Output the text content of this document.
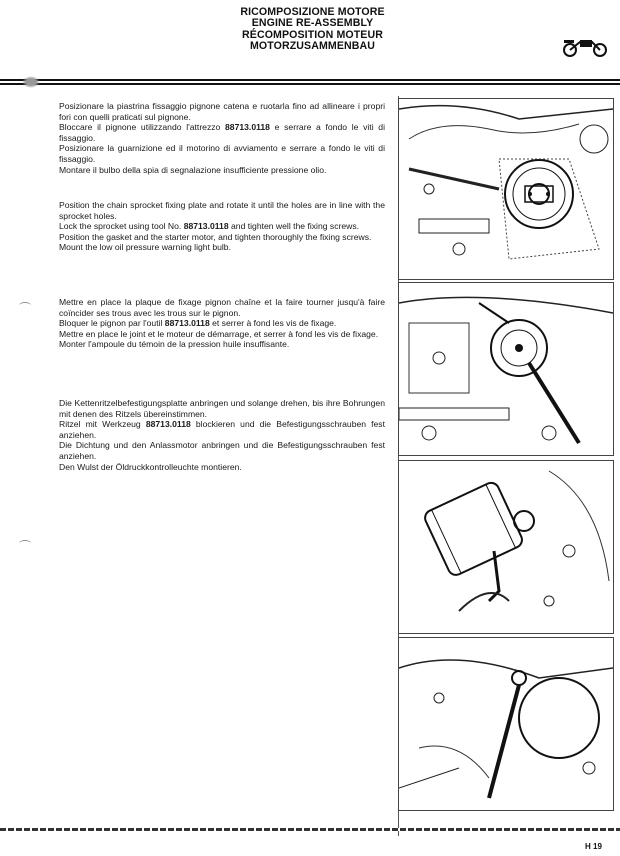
RICOMPOSIZIONE MOTORE
ENGINE RE-ASSEMBLY
RÉCOMPOSITION MOTEUR
MOTORZUSAMMENBAU

Posizionare la piastrina fissaggio pignone catena e ruotarla fino ad allineare i propri fori con quelli praticati sul pignone.

Bloccare il pignone utilizzando l'attrezzo 88713.0118 e serrare a fondo le viti di fissaggio.

Posizionare la guarnizione ed il motorino di avviamento e serrare a fondo le viti di fissaggio.

Montare il bulbo della spia di segnalazione insufficiente pressione olio.

Position the chain sprocket fixing plate and rotate it until the holes are in line with the sprocket holes.

Lock the sprocket using tool No. 88713.0118 and tighten well the fixing screws.

Position the gasket and the starter motor, and tighten thoroughly the fixing screws.

Mount the low oil pressure warning light bulb.

Mettre en place la plaque de fixage pignon chaîne et la faire tourner jusqu'à faire coïncider ses trous avec les trous sur le pignon.

Bloquer le pignon par l'outil 88713.0118 et serrer à fond les vis de fixage.

Mettre en place le joint et le moteur de démarrage, et serrer à fond les vis de fixage.

Monter l'ampoule du témoin de la pression huile insuffisante.

Die Kettenritzelbefestigungsplatte anbringen und solange drehen, bis ihre Bohrungen mit denen des Ritzels übereinstimmen.

Ritzel mit Werkzeug 88713.0118 blockieren und die Befestigungsschrauben fest anziehen.

Die Dichtung und den Anlassmotor anbringen und die Befestigungsschrauben fest anziehen.

Den Wulst der Öldruckkontrolleuchte montieren.

H 19
